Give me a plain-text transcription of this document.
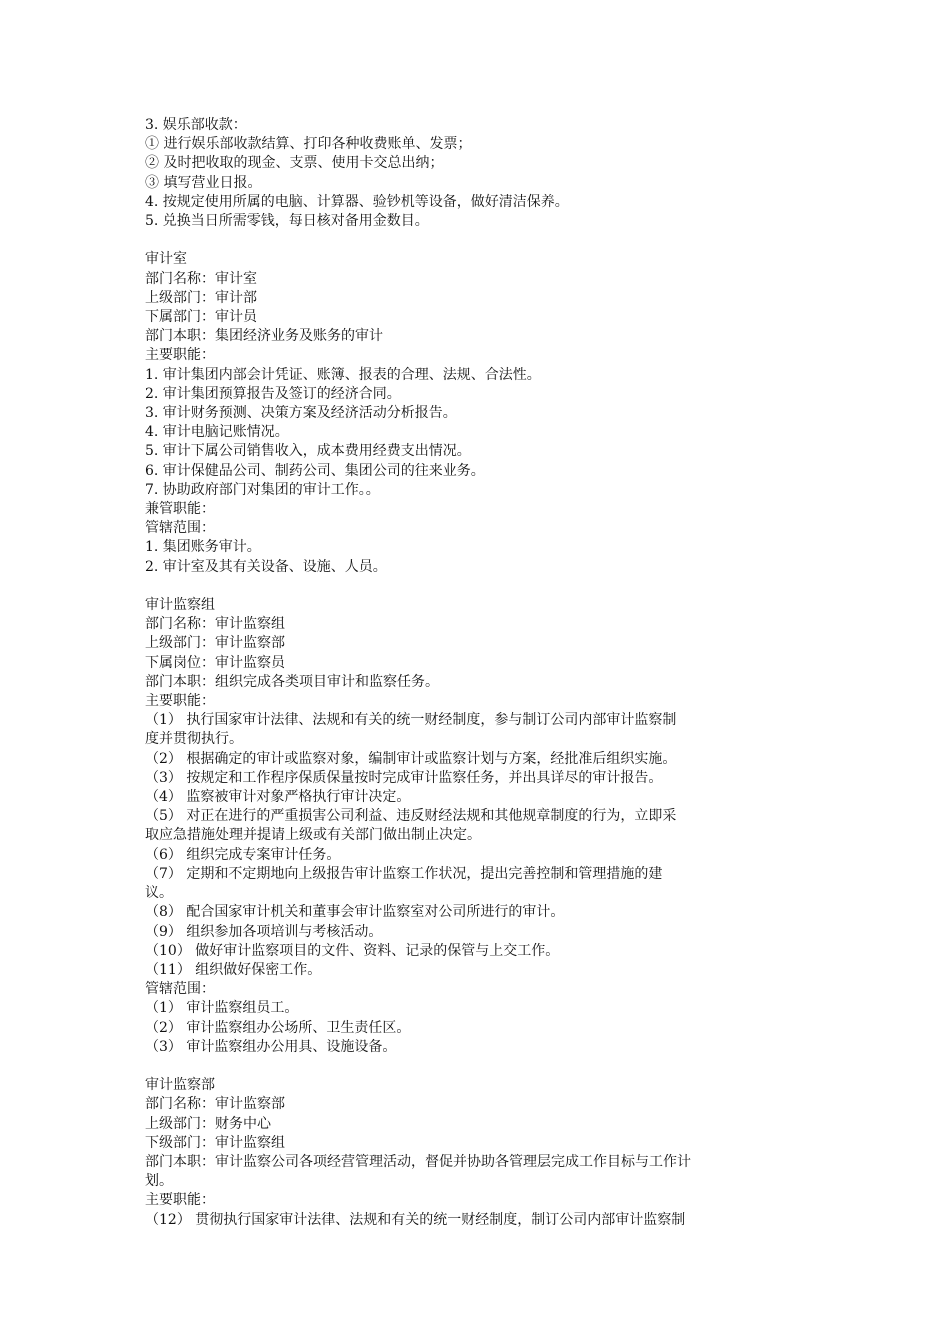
3. 娱乐部收款：
① 进行娱乐部收款结算、打印各种收费账单、发票；
② 及时把收取的现金、支票、使用卡交总出纳；
③ 填写营业日报。
4. 按规定使用所属的电脑、计算器、验钞机等设备，做好清洁保养。
5. 兑换当日所需零钱，每日核对备用金数目。
审计室
部门名称：审计室
上级部门：审计部
下属部门：审计员
部门本职：集团经济业务及账务的审计
主要职能：
1. 审计集团内部会计凭证、账簿、报表的合理、法规、合法性。
2. 审计集团预算报告及签订的经济合同。
3. 审计财务预测、决策方案及经济活动分析报告。
4. 审计电脑记账情况。
5. 审计下属公司销售收入，成本费用经费支出情况。
6. 审计保健品公司、制药公司、集团公司的往来业务。
7. 协助政府部门对集团的审计工作。。
兼管职能：
管辖范围：
1. 集团账务审计。
2. 审计室及其有关设备、设施、人员。
审计监察组
部门名称：审计监察组
上级部门：审计监察部
下属岗位：审计监察员
部门本职：组织完成各类项目审计和监察任务。
主要职能：
（1） 执行国家审计法律、法规和有关的统一财经制度，参与制订公司内部审计监察制
度并贯彻执行。
（2） 根据确定的审计或监察对象，编制审计或监察计划与方案，经批准后组织实施。
（3） 按规定和工作程序保质保量按时完成审计监察任务，并出具详尽的审计报告。
（4） 监察被审计对象严格执行审计决定。
（5） 对正在进行的严重损害公司利益、违反财经法规和其他规章制度的行为，立即采
取应急措施处理并提请上级或有关部门做出制止决定。
（6） 组织完成专案审计任务。
（7） 定期和不定期地向上级报告审计监察工作状况，提出完善控制和管理措施的建
议。
（8） 配合国家审计机关和董事会审计监察室对公司所进行的审计。
（9） 组织参加各项培训与考核活动。
（10） 做好审计监察项目的文件、资料、记录的保管与上交工作。
（11） 组织做好保密工作。
管辖范围：
（1） 审计监察组员工。
（2） 审计监察组办公场所、卫生责任区。
（3） 审计监察组办公用具、设施设备。
审计监察部
部门名称：审计监察部
上级部门：财务中心
下级部门：审计监察组
部门本职：审计监察公司各项经营管理活动，督促并协助各管理层完成工作目标与工作计
划。
主要职能：
（12） 贯彻执行国家审计法律、法规和有关的统一财经制度，制订公司内部审计监察制
